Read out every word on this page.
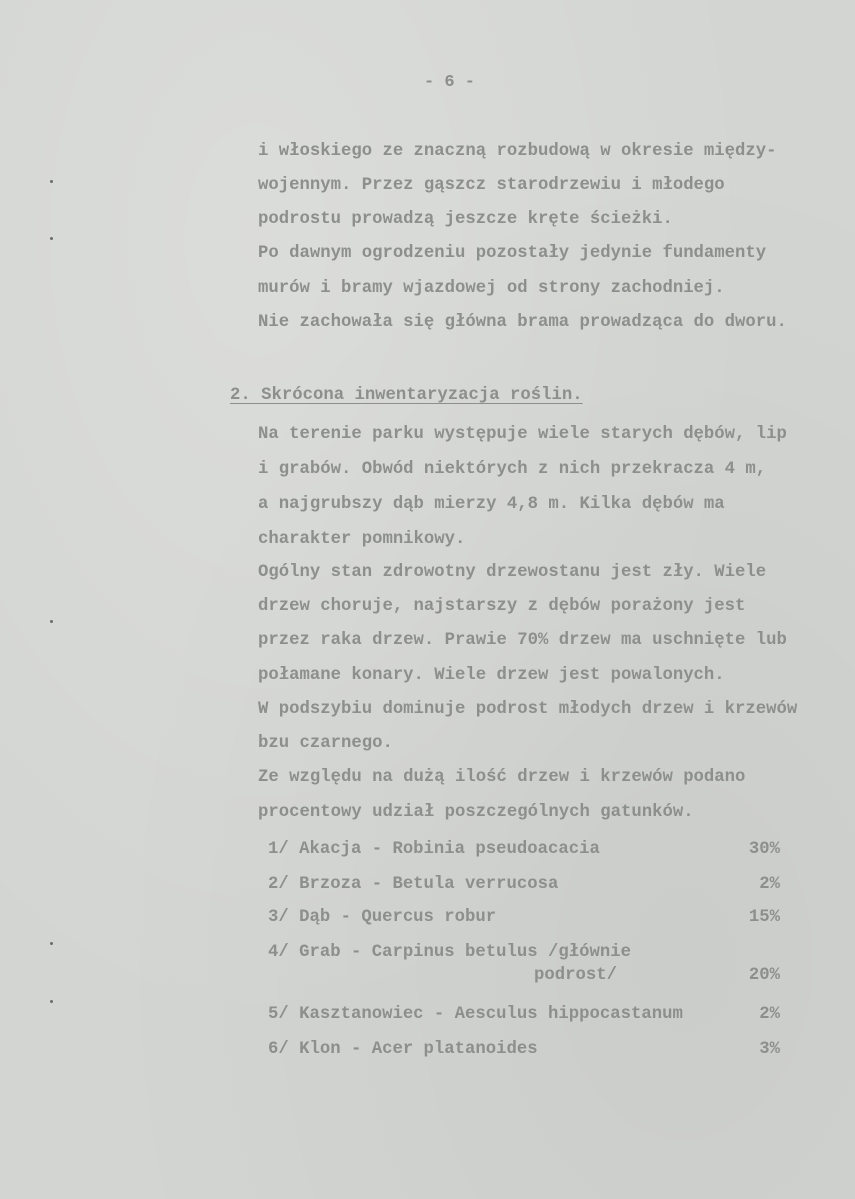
- 6 -
i włoskiego ze znaczną rozbudową w okresie między-
wojennym. Przez gąszcz starodrzewiu i młodego
podrostu prowadzą jeszcze kręte ścieżki.
Po dawnym ogrodzeniu pozostały jedynie fundamenty
murów i bramy wjazdowej od strony zachodniej.
Nie zachowała się główna brama prowadząca do dworu.
2. Skrócona inwentaryzacja roślin.
Na terenie parku występuje wiele starych dębów, lip
i grabów. Obwód niektórych z nich przekracza 4 m,
a najgrubszy dąb mierzy 4,8 m. Kilka dębów ma
charakter pomnikowy.
Ogólny stan zdrowotny drzewostanu jest zły. Wiele
drzew choruje, najstarszy z dębów porażony jest
przez raka drzew. Prawie 70% drzew ma uschnięte lub
połamane konary. Wiele drzew jest powalonych.
W podszybiu dominuje podrost młodych drzew i krzewów
bzu czarnego.
Ze względu na dużą ilość drzew i krzewów podano
procentowy udział poszczególnych gatunków.
1/ Akacja - Robinia pseudoacacia	30%
2/ Brzoza - Betula verrucosa	2%
3/ Dąb - Quercus robur	15%
4/ Grab - Carpinus betulus /głównie
podrost/	20%
5/ Kasztanowiec - Aesculus hippocastanum	2%
6/ Klon - Acer platanoides	3%
